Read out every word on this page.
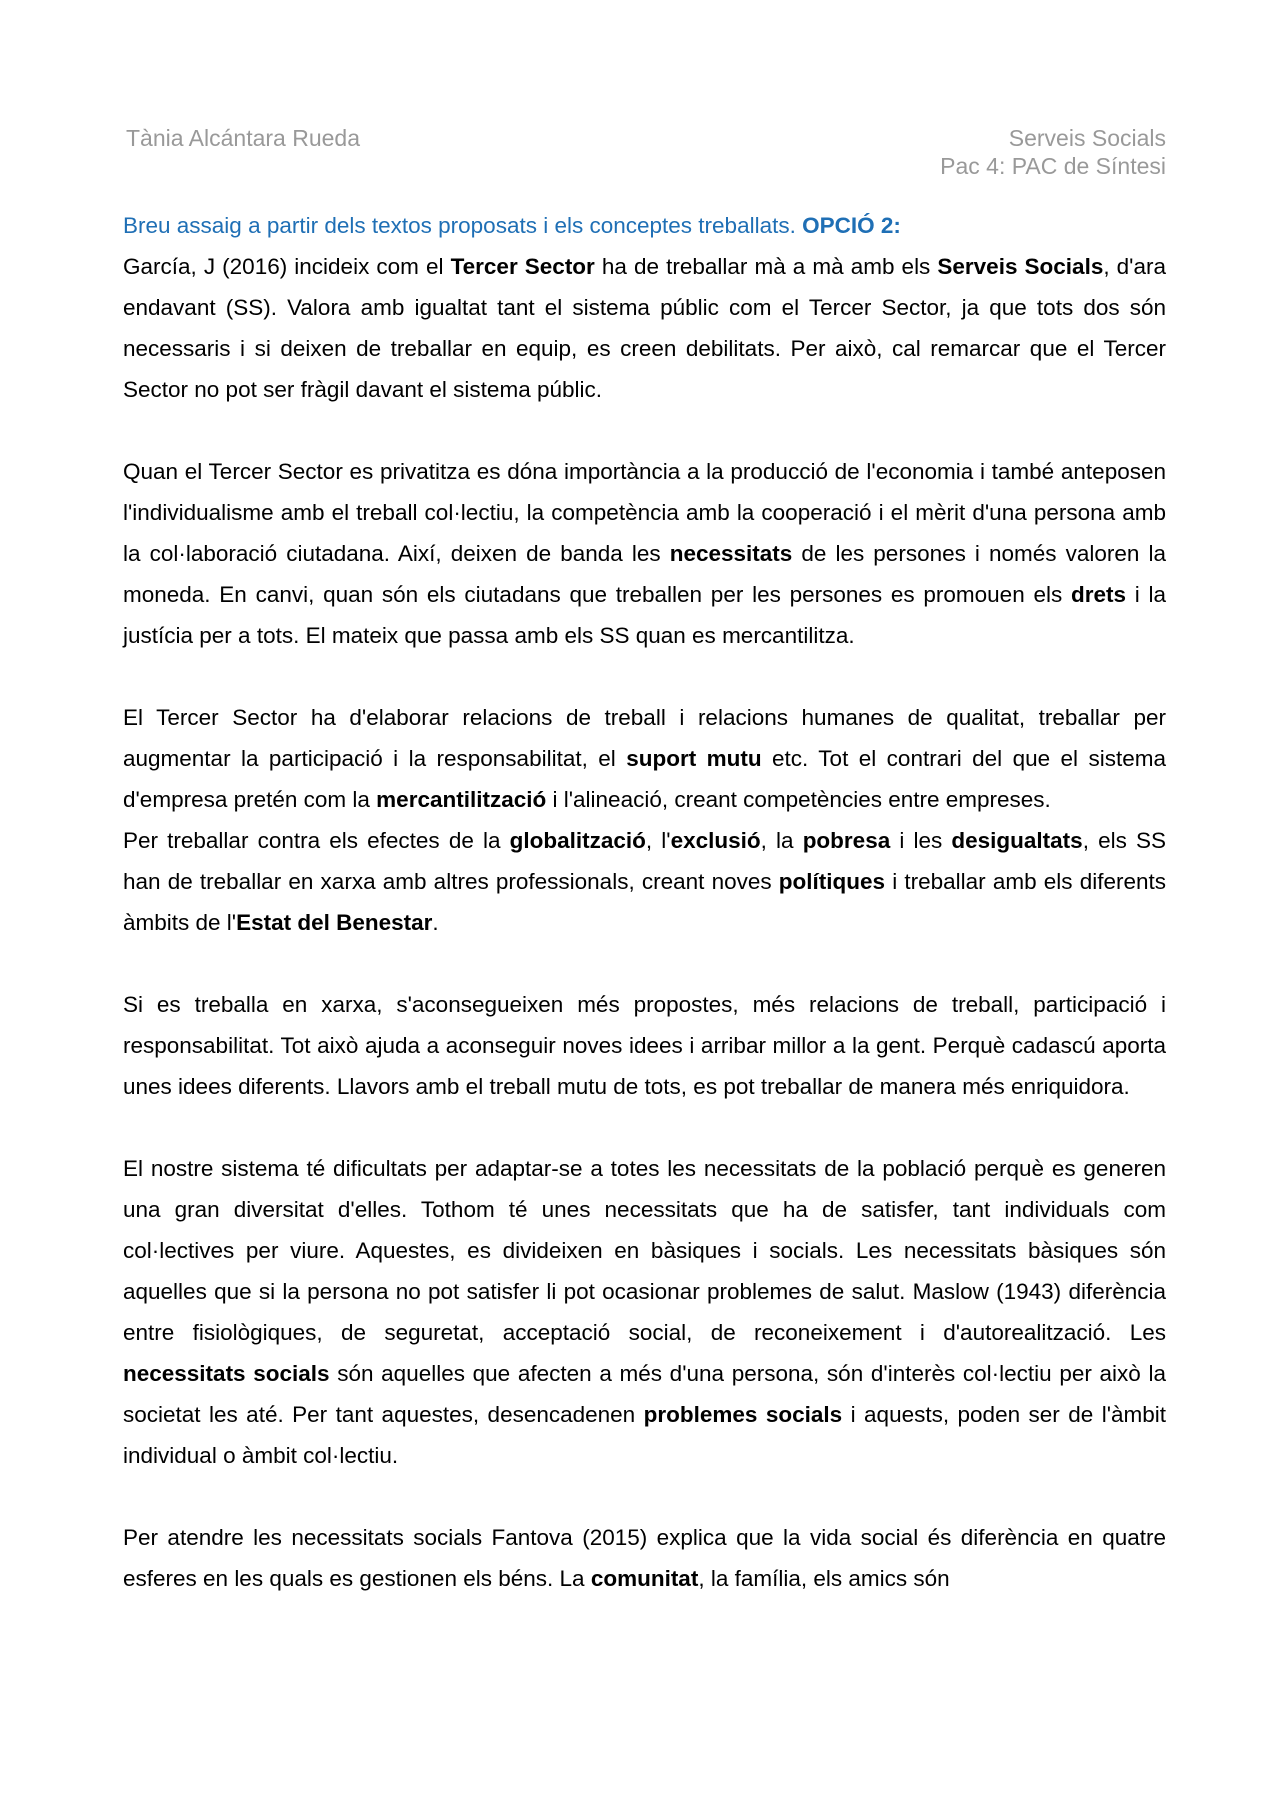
Tània Alcántara Rueda	Serveis Socials
Pac 4: PAC de Síntesi

Breu assaig a partir dels textos proposats i els conceptes treballats. OPCIÓ 2:

García, J (2016) incideix com el Tercer Sector ha de treballar mà a mà amb els Serveis Socials, d'ara endavant (SS). Valora amb igualtat tant el sistema públic com el Tercer Sector, ja que tots dos són necessaris i si deixen de treballar en equip, es creen debilitats. Per això, cal remarcar que el Tercer Sector no pot ser fràgil davant el sistema públic.

Quan el Tercer Sector es privatitza es dóna importància a la producció de l'economia i també anteposen l'individualisme amb el treball col·lectiu, la competència amb la cooperació i el mèrit d'una persona amb la col·laboració ciutadana. Així, deixen de banda les necessitats de les persones i només valoren la moneda. En canvi, quan són els ciutadans que treballen per les persones es promouen els drets i la justícia per a tots. El mateix que passa amb els SS quan es mercantilitza.

El Tercer Sector ha d'elaborar relacions de treball i relacions humanes de qualitat, treballar per augmentar la participació i la responsabilitat, el suport mutu etc. Tot el contrari del que el sistema d'empresa pretén com la mercantilització i l'alineació, creant competències entre empreses.

Per treballar contra els efectes de la globalització, l'exclusió, la pobresa i les desigualtats, els SS han de treballar en xarxa amb altres professionals, creant noves polítiques i treballar amb els diferents àmbits de l'Estat del Benestar.

Si es treballa en xarxa, s'aconsegueixen més propostes, més relacions de treball, participació i responsabilitat. Tot això ajuda a aconseguir noves idees i arribar millor a la gent. Perquè cadascú aporta unes idees diferents. Llavors amb el treball mutu de tots, es pot treballar de manera més enriquidora.

El nostre sistema té dificultats per adaptar-se a totes les necessitats de la població perquè es generen una gran diversitat d'elles. Tothom té unes necessitats que ha de satisfer, tant individuals com col·lectives per viure. Aquestes, es divideixen en bàsiques i socials. Les necessitats bàsiques són aquelles que si la persona no pot satisfer li pot ocasionar problemes de salut. Maslow (1943) diferència entre fisiològiques, de seguretat, acceptació social, de reconeixement i d'autorealització. Les necessitats socials són aquelles que afecten a més d'una persona, són d'interès col·lectiu per això la societat les até. Per tant aquestes, desencadenen problemes socials i aquests, poden ser de l'àmbit individual o àmbit col·lectiu.

Per atendre les necessitats socials Fantova (2015) explica que la vida social és diferència en quatre esferes en les quals es gestionen els béns. La comunitat, la família, els amics són
